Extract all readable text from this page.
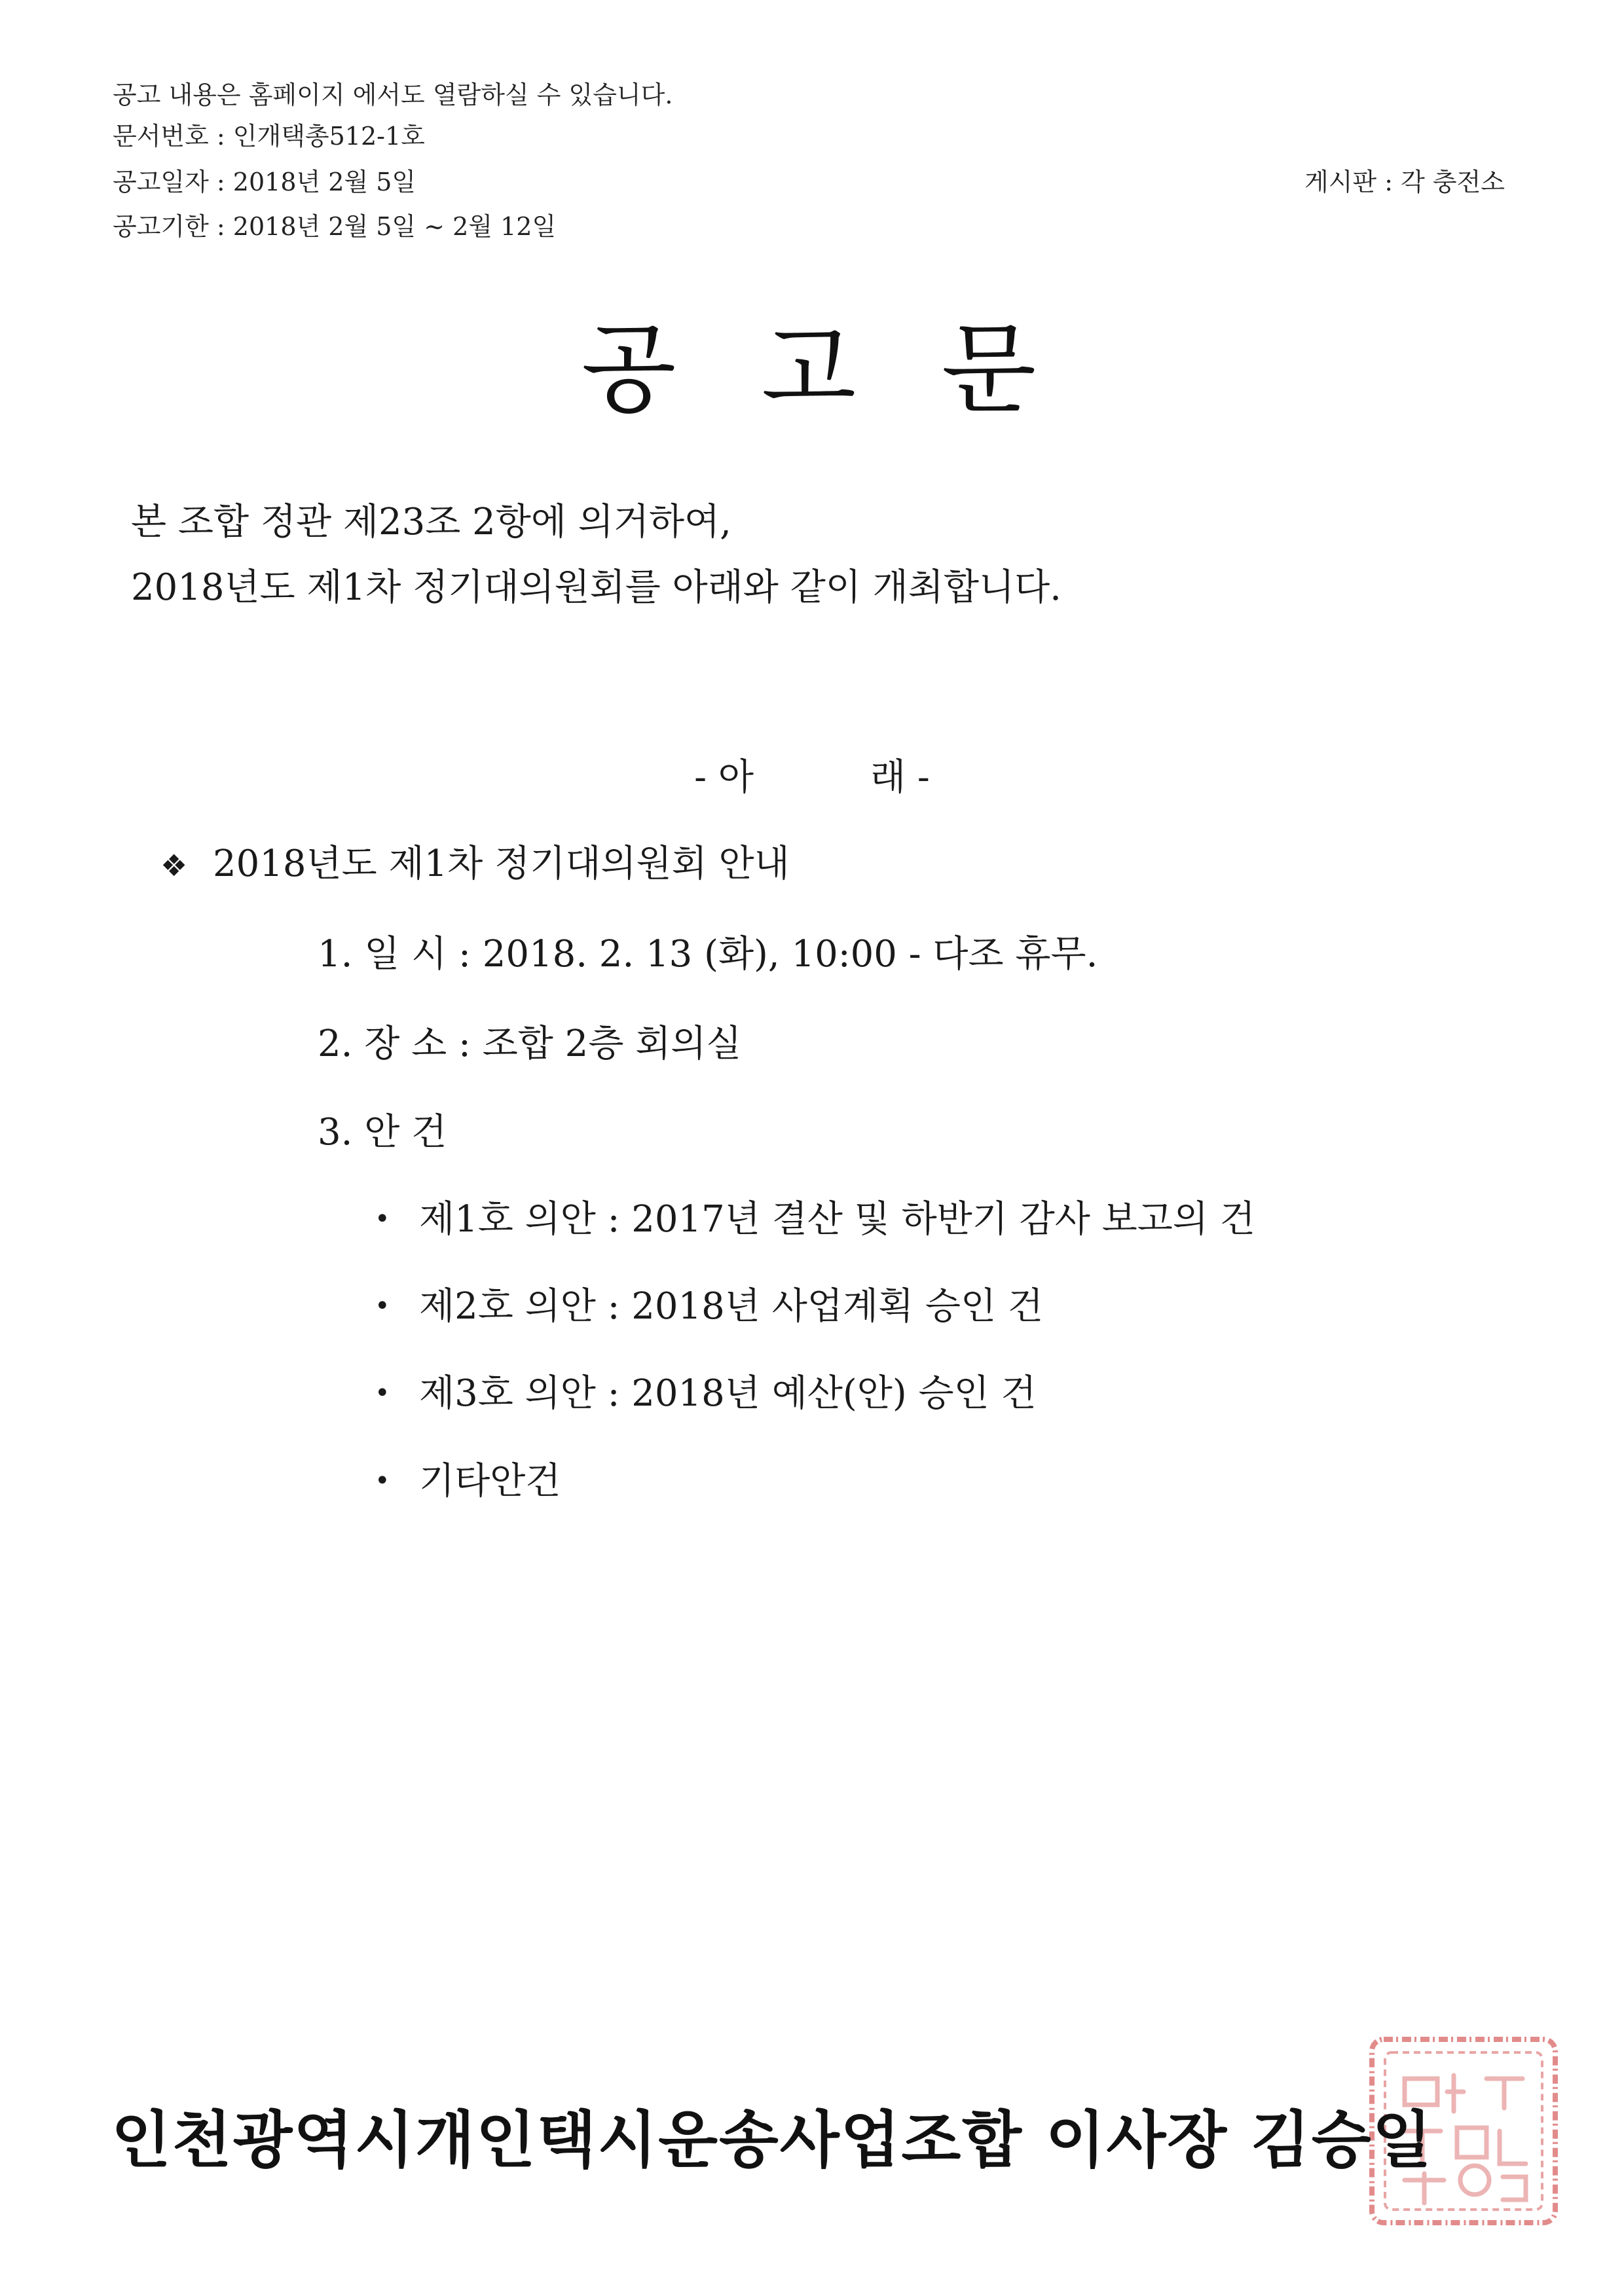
공고 내용은 홈페이지 에서도 열람하실 수 있습니다.
문서번호 : 인개택총512-1호
공고일자 : 2018년 2월 5일
공고기한 : 2018년 2월 5일 ~ 2월 12일
게시판 : 각 충전소
공 고 문
본 조합 정관 제23조 2항에 의거하여,
2018년도 제1차 정기대의원회를 아래와 같이 개최합니다.
- 아          래 -
❖ 2018년도 제1차 정기대의원회 안내
1. 일 시 : 2018. 2. 13 (화), 10:00 - 다조 휴무.
2. 장 소 : 조합 2층 회의실
3. 안 건
• 제1호 의안 : 2017년 결산 및 하반기 감사 보고의 건
• 제2호 의안 : 2018년 사업계획 승인 건
• 제3호 의안 : 2018년 예산(안) 승인 건
• 기타안건
인천광역시개인택시운송사업조합 이사장 김승일
